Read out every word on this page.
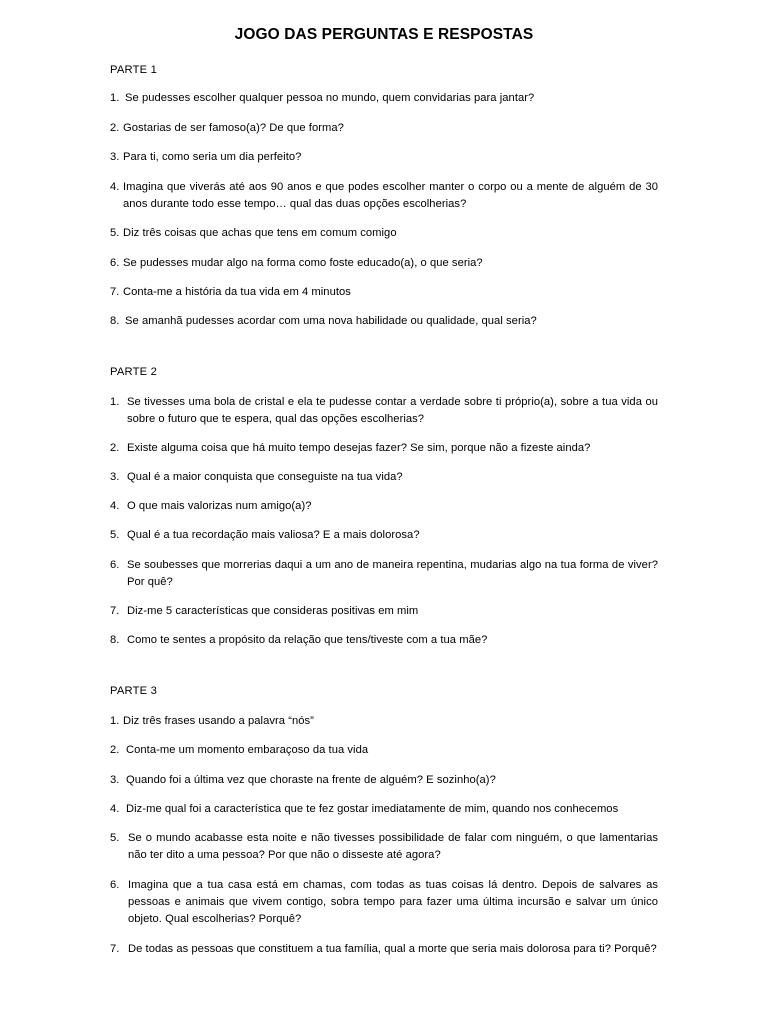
JOGO DAS PERGUNTAS E RESPOSTAS
PARTE 1
1. Se pudesses escolher qualquer pessoa no mundo, quem convidarias para jantar?
2. Gostarias de ser famoso(a)? De que forma?
3. Para ti, como seria um dia perfeito?
4. Imagina que viverás até aos 90 anos e que podes escolher manter o corpo ou a mente de alguém de 30 anos durante todo esse tempo… qual das duas opções escolherias?
5. Diz três coisas que achas que tens em comum comigo
6. Se pudesses mudar algo na forma como foste educado(a), o que seria?
7. Conta-me a história da tua vida em 4 minutos
8. Se amanhã pudesses acordar com uma nova habilidade ou qualidade, qual seria?
PARTE 2
1. Se tivesses uma bola de cristal e ela te pudesse contar a verdade sobre ti próprio(a), sobre a tua vida ou sobre o futuro que te espera, qual das opções escolherias?
2. Existe alguma coisa que há muito tempo desejas fazer? Se sim, porque não a fizeste ainda?
3. Qual é a maior conquista que conseguiste na tua vida?
4. O que mais valorizas num amigo(a)?
5. Qual é a tua recordação mais valiosa? E a mais dolorosa?
6. Se soubesses que morrerias daqui a um ano de maneira repentina, mudarias algo na tua forma de viver? Por quê?
7. Diz-me 5 características que consideras positivas em mim
8. Como te sentes a propósito da relação que tens/tiveste com a tua mãe?
PARTE 3
1. Diz três frases usando a palavra “nós”
2. Conta-me um momento embaraçoso da tua vida
3. Quando foi a última vez que choraste na frente de alguém? E sozinho(a)?
4. Diz-me qual foi a característica que te fez gostar imediatamente de mim, quando nos conhecemos
5. Se o mundo acabasse esta noite e não tivesses possibilidade de falar com ninguém, o que lamentarias não ter dito a uma pessoa? Por que não o disseste até agora?
6. Imagina que a tua casa está em chamas, com todas as tuas coisas lá dentro. Depois de salvares as pessoas e animais que vivem contigo, sobra tempo para fazer uma última incursão e salvar um único objeto. Qual escolherias? Porquê?
7. De todas as pessoas que constituem a tua família, qual a morte que seria mais dolorosa para ti? Porquê?
